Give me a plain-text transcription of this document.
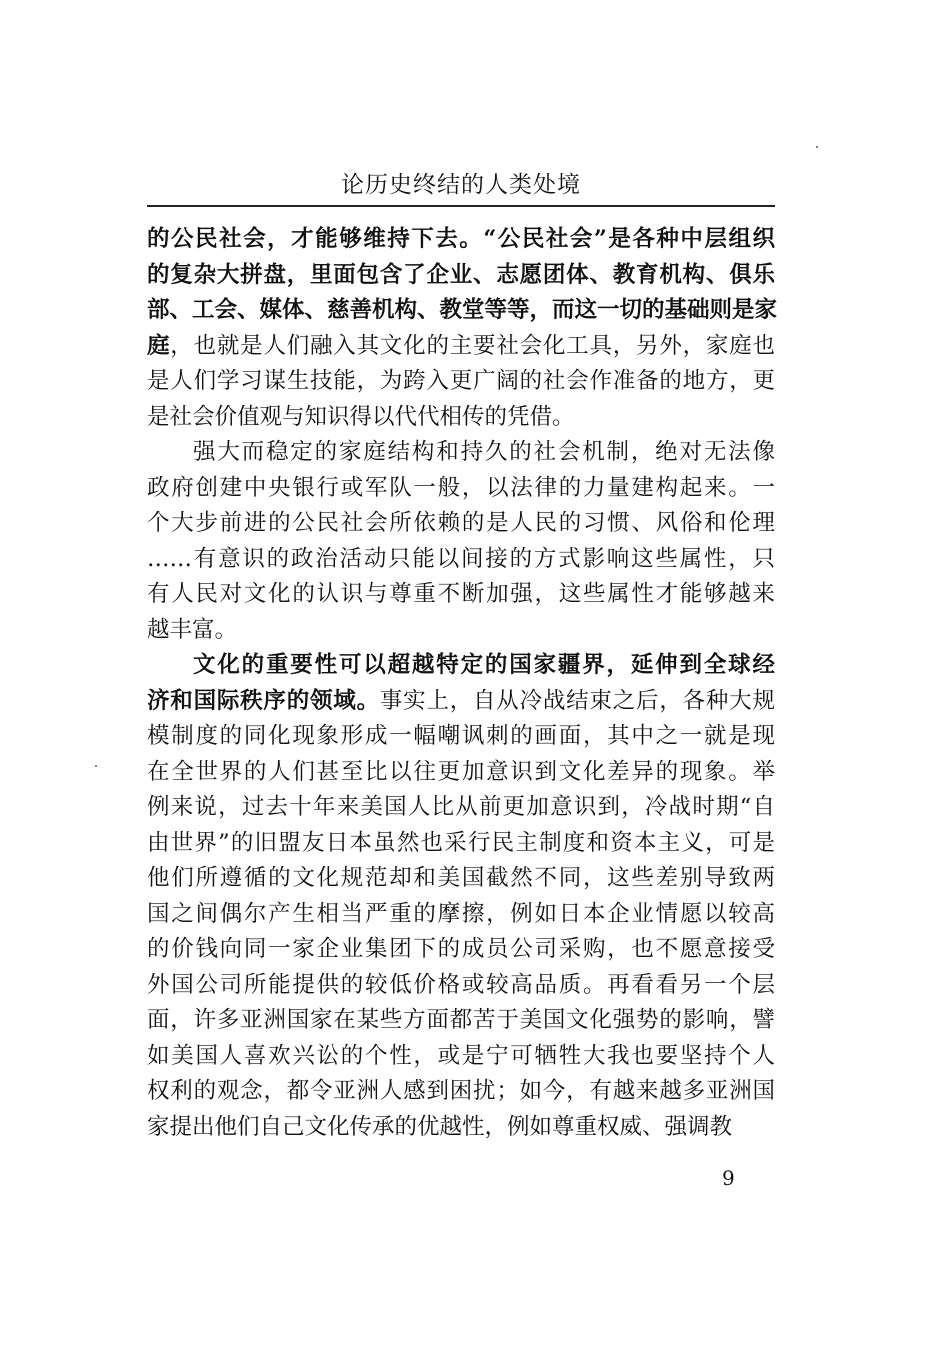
论历史终结的人类处境
的公民社会，才能够维持下去。“公民社会”是各种中层组织
的复杂大拼盘，里面包含了企业、志愿团体、教育机构、俱乐
部、工会、媒体、慈善机构、教堂等等，而这一切的基础则是家
庭，也就是人们融入其文化的主要社会化工具，另外，家庭也
是人们学习谋生技能，为跨入更广阔的社会作准备的地方，更
是社会价值观与知识得以代代相传的凭借。
强大而稳定的家庭结构和持久的社会机制，绝对无法像
政府创建中央银行或军队一般，以法律的力量建构起来。一
个大步前进的公民社会所依赖的是人民的习惯、风俗和伦理
……有意识的政治活动只能以间接的方式影响这些属性，只
有人民对文化的认识与尊重不断加强，这些属性才能够越来
越丰富。
文化的重要性可以超越特定的国家疆界，延伸到全球经
济和国际秩序的领域。事实上，自从冷战结束之后，各种大规
模制度的同化现象形成一幅嘲讽刺的画面，其中之一就是现
在全世界的人们甚至比以往更加意识到文化差异的现象。举
例来说，过去十年来美国人比从前更加意识到，冷战时期“自
由世界”的旧盟友日本虽然也采行民主制度和资本主义，可是
他们所遵循的文化规范却和美国截然不同，这些差别导致两
国之间偶尔产生相当严重的摩擦，例如日本企业情愿以较高
的价钱向同一家企业集团下的成员公司采购，也不愿意接受
外国公司所能提供的较低价格或较高品质。再看看另一个层
面，许多亚洲国家在某些方面都苦于美国文化强势的影响，譬
如美国人喜欢兴讼的个性，或是宁可牺牲大我也要坚持个人
权利的观念，都令亚洲人感到困扰；如今，有越来越多亚洲国
家提出他们自己文化传承的优越性，例如尊重权威、强调教
9
